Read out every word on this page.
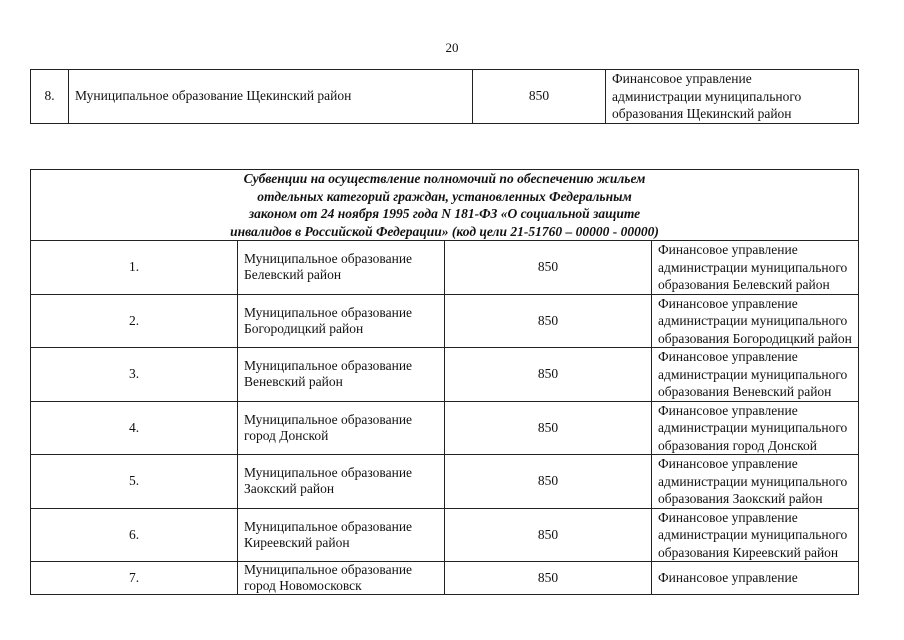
20
8.	Муниципальное образование Щекинский район	850	
Финансовое управление
администрации муниципального
образования Щекинский район
Субвенции на осуществление полномочий по обеспечению жильем
отдельных категорий граждан, установленных Федеральным
законом от 24 ноября 1995 года N 181-ФЗ «О социальной защите
инвалидов в Российской Федерации» (код цели 21-51760 – 00000 - 00000)			

1.	Муниципальное образование Белевский район	850	Финансовое управление
администрации муниципального
образования Белевский район

2.	Муниципальное образование Богородицкий район	850	Финансовое управление
администрации муниципального
образования Богородицкий район

3.	Муниципальное образование Веневский район	850	Финансовое управление
администрации муниципального
образования Веневский район

4.	Муниципальное образование город Донской	850	Финансовое управление
администрации муниципального
образования город Донской

5.	Муниципальное образование Заокский район	850	Финансовое управление
администрации муниципального
образования Заокский район

6.	Муниципальное образование Киреевский район	850	Финансовое управление
администрации муниципального
образования Киреевский район

7.	Муниципальное образование город Новомосковск	850	Финансовое управление
